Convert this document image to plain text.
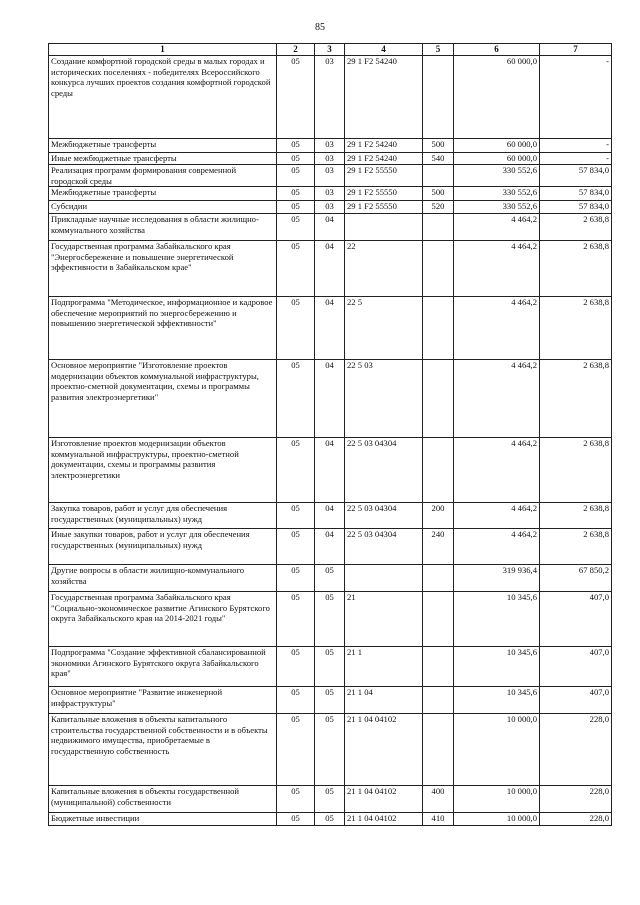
85
1	2	3	4	5	6	7
Создание комфортной городской среды в малых городах и исторических поселениях - победителях Всероссийского конкурса лучших проектов создания комфортной городской среды	05	03	29 1 F2 54240		60 000,0	-
Межбюджетные трансферты	05	03	29 1 F2 54240	500	60 000,0	-
Иные межбюджетные трансферты	05	03	29 1 F2 54240	540	60 000,0	-
Реализация программ формирования современной городской среды	05	03	29 1 F2 55550		330 552,6	57 834,0
Межбюджетные трансферты	05	03	29 1 F2 55550	500	330 552,6	57 834,0
Субсидии	05	03	29 1 F2 55550	520	330 552,6	57 834,0
Прикладные научные исследования в области жилищно-коммунального хозяйства	05	04			4 464,2	2 638,8
Государственная программа Забайкальского края "Энергосбережение и повышение энергетической эффективности в Забайкальском крае"	05	04	22		4 464,2	2 638,8
Подпрограмма "Методическое, информационное и кадровое обеспечение мероприятий по энергосбережению и повышению энергетической эффективности"	05	04	22 5		4 464,2	2 638,8
Основное мероприятие "Изготовление проектов модернизации объектов коммунальной инфраструктуры, проектно-сметной документации, схемы и программы развития электроэнергетики"	05	04	22 5 03		4 464,2	2 638,8
Изготовление проектов модернизации объектов коммунальной инфраструктуры, проектно-сметной документации, схемы и программы развития электроэнергетики	05	04	22 5 03 04304		4 464,2	2 638,8
Закупка товаров, работ и услуг для обеспечения государственных (муниципальных) нужд	05	04	22 5 03 04304	200	4 464,2	2 638,8
Иные закупки товаров, работ и услуг для обеспечения государственных (муниципальных) нужд	05	04	22 5 03 04304	240	4 464,2	2 638,8
Другие вопросы в области жилищно-коммунального хозяйства	05	05			319 936,4	67 850,2
Государственная программа Забайкальского края "Социально-экономическое развитие Агинского Бурятского округа Забайкальского края на 2014-2021 годы"	05	05	21		10 345,6	407,0
Подпрограмма "Создание эффективной сбалансированной экономики Агинского Бурятского округа Забайкальского края"	05	05	21 1		10 345,6	407,0
Основное мероприятие "Развитие инженерной инфраструктуры"	05	05	21 1 04		10 345,6	407,0
Капитальные вложения в объекты капитального строительства государственной собственности и в объекты недвижимого имущества, приобретаемые в государственную собственность	05	05	21 1 04 04102		10 000,0	228,0
Капитальные вложения в объекты государственной (муниципальной) собственности	05	05	21 1 04 04102	400	10 000,0	228,0
Бюджетные инвестиции	05	05	21 1 04 04102	410	10 000,0	228,0
